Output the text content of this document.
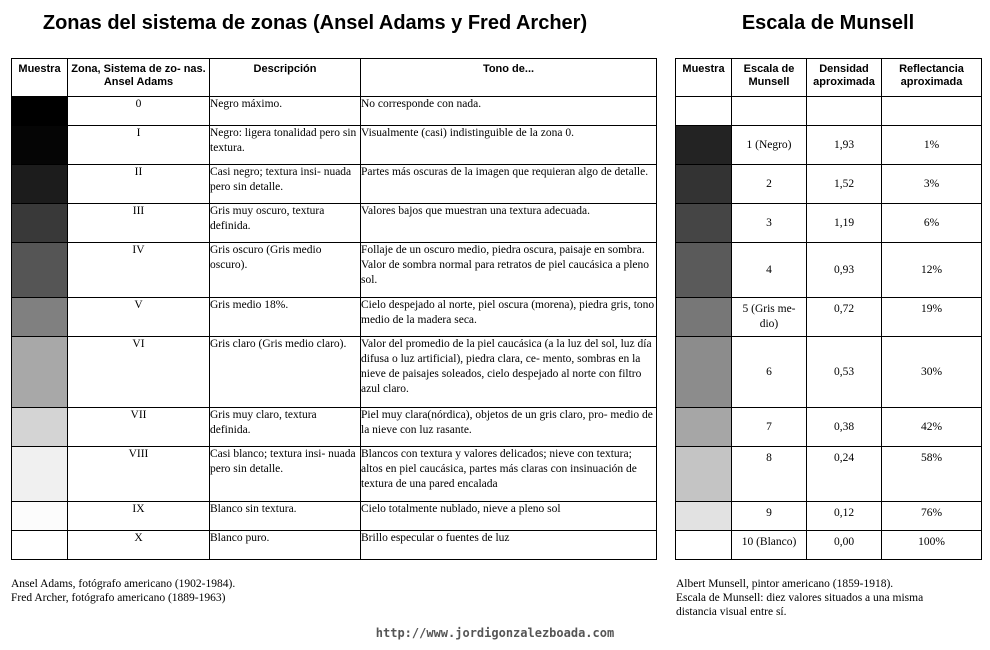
Zonas del sistema de zonas (Ansel Adams y Fred Archer)	Escala de Munsell
Muestra	Zona, Sistema de zo- nas. Ansel Adams	Descripción	Tono de...
	0	Negro máximo.	No corresponde con nada.
	I	Negro: ligera tonalidad pero sin textura.	Visualmente (casi) indistinguible de la zona 0.
	II	Casi negro; textura insi- nuada pero sin detalle.	Partes más oscuras de la imagen que requieran algo de detalle.
	III	Gris muy oscuro, textura definida.	Valores bajos que muestran una textura adecuada.
	IV	Gris oscuro (Gris medio oscuro).	Follaje de un oscuro medio, piedra oscura, paisaje en sombra. Valor de sombra normal para retratos de piel caucásica a pleno sol.
	V	Gris medio 18%.	Cielo despejado al norte, piel oscura (morena), piedra gris, tono medio de la madera seca.
	VI	Gris claro (Gris medio claro).	Valor del promedio de la piel caucásica (a la luz del sol, luz día difusa o luz artificial), piedra clara, ce- mento, sombras en la nieve de paisajes soleados, cielo despejado al norte con filtro azul claro.
	VII	Gris muy claro, textura definida.	Piel muy clara(nórdica), objetos de un gris claro, pro- medio de la nieve con luz rasante.
	VIII	Casi blanco; textura insi- nuada pero sin detalle.	Blancos con textura y valores delicados; nieve con textura; altos en piel caucásica, partes más claras con insinuación de textura de una pared encalada
	IX	Blanco sin textura.	Cielo totalmente nublado, nieve a pleno sol
	X	Blanco puro.	Brillo especular o fuentes de luz
Muestra	Escala de Munsell	Densidad aproximada	Reflectancia aproximada

	1 (Negro)	1,93	1%
	2	1,52	3%
	3	1,19	6%
	4	0,93	12%
	5 (Gris me- dio)	0,72	19%
	6	0,53	30%
	7	0,38	42%
	8	0,24	58%
	9	0,12	76%
	10 (Blanco)	0,00	100%
Ansel Adams, fotógrafo americano (1902-1984).
Fred Archer, fotógrafo americano (1889-1963)
Albert Munsell, pintor americano (1859-1918).
Escala de Munsell: diez valores situados a una misma
distancia visual entre sí.
http://www.jordigonzalezboada.com
